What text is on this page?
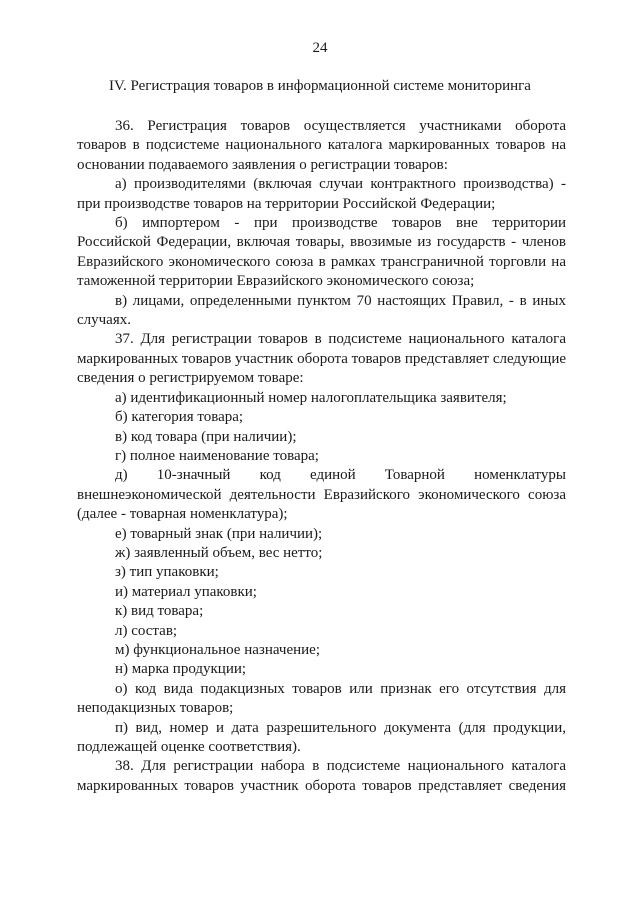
24
IV. Регистрация товаров в информационной системе мониторинга

36. Регистрация товаров осуществляется участниками оборота товаров в подсистеме национального каталога маркированных товаров на основании подаваемого заявления о регистрации товаров:

а) производителями (включая случаи контрактного производства) - при производстве товаров на территории Российской Федерации;

б) импортером - при производстве товаров вне территории Российской Федерации, включая товары, ввозимые из государств - членов Евразийского экономического союза в рамках трансграничной торговли на таможенной территории Евразийского экономического союза;

в) лицами, определенными пунктом 70 настоящих Правил, - в иных случаях.

37. Для регистрации товаров в подсистеме национального каталога маркированных товаров участник оборота товаров представляет следующие сведения о регистрируемом товаре:

а) идентификационный номер налогоплательщика заявителя;

б) категория товара;

в) код товара (при наличии);

г) полное наименование товара;

д) 10-значный код единой Товарной номенклатуры внешнеэкономической деятельности Евразийского экономического союза (далее - товарная номенклатура);

е) товарный знак (при наличии);

ж) заявленный объем, вес нетто;

з) тип упаковки;

и) материал упаковки;

к) вид товара;

л) состав;

м) функциональное назначение;

н) марка продукции;

о) код вида подакцизных товаров или признак его отсутствия для неподакцизных товаров;

п) вид, номер и дата разрешительного документа (для продукции, подлежащей оценке соответствия).

38. Для регистрации набора в подсистеме национального каталога маркированных товаров участник оборота товаров представляет сведения
